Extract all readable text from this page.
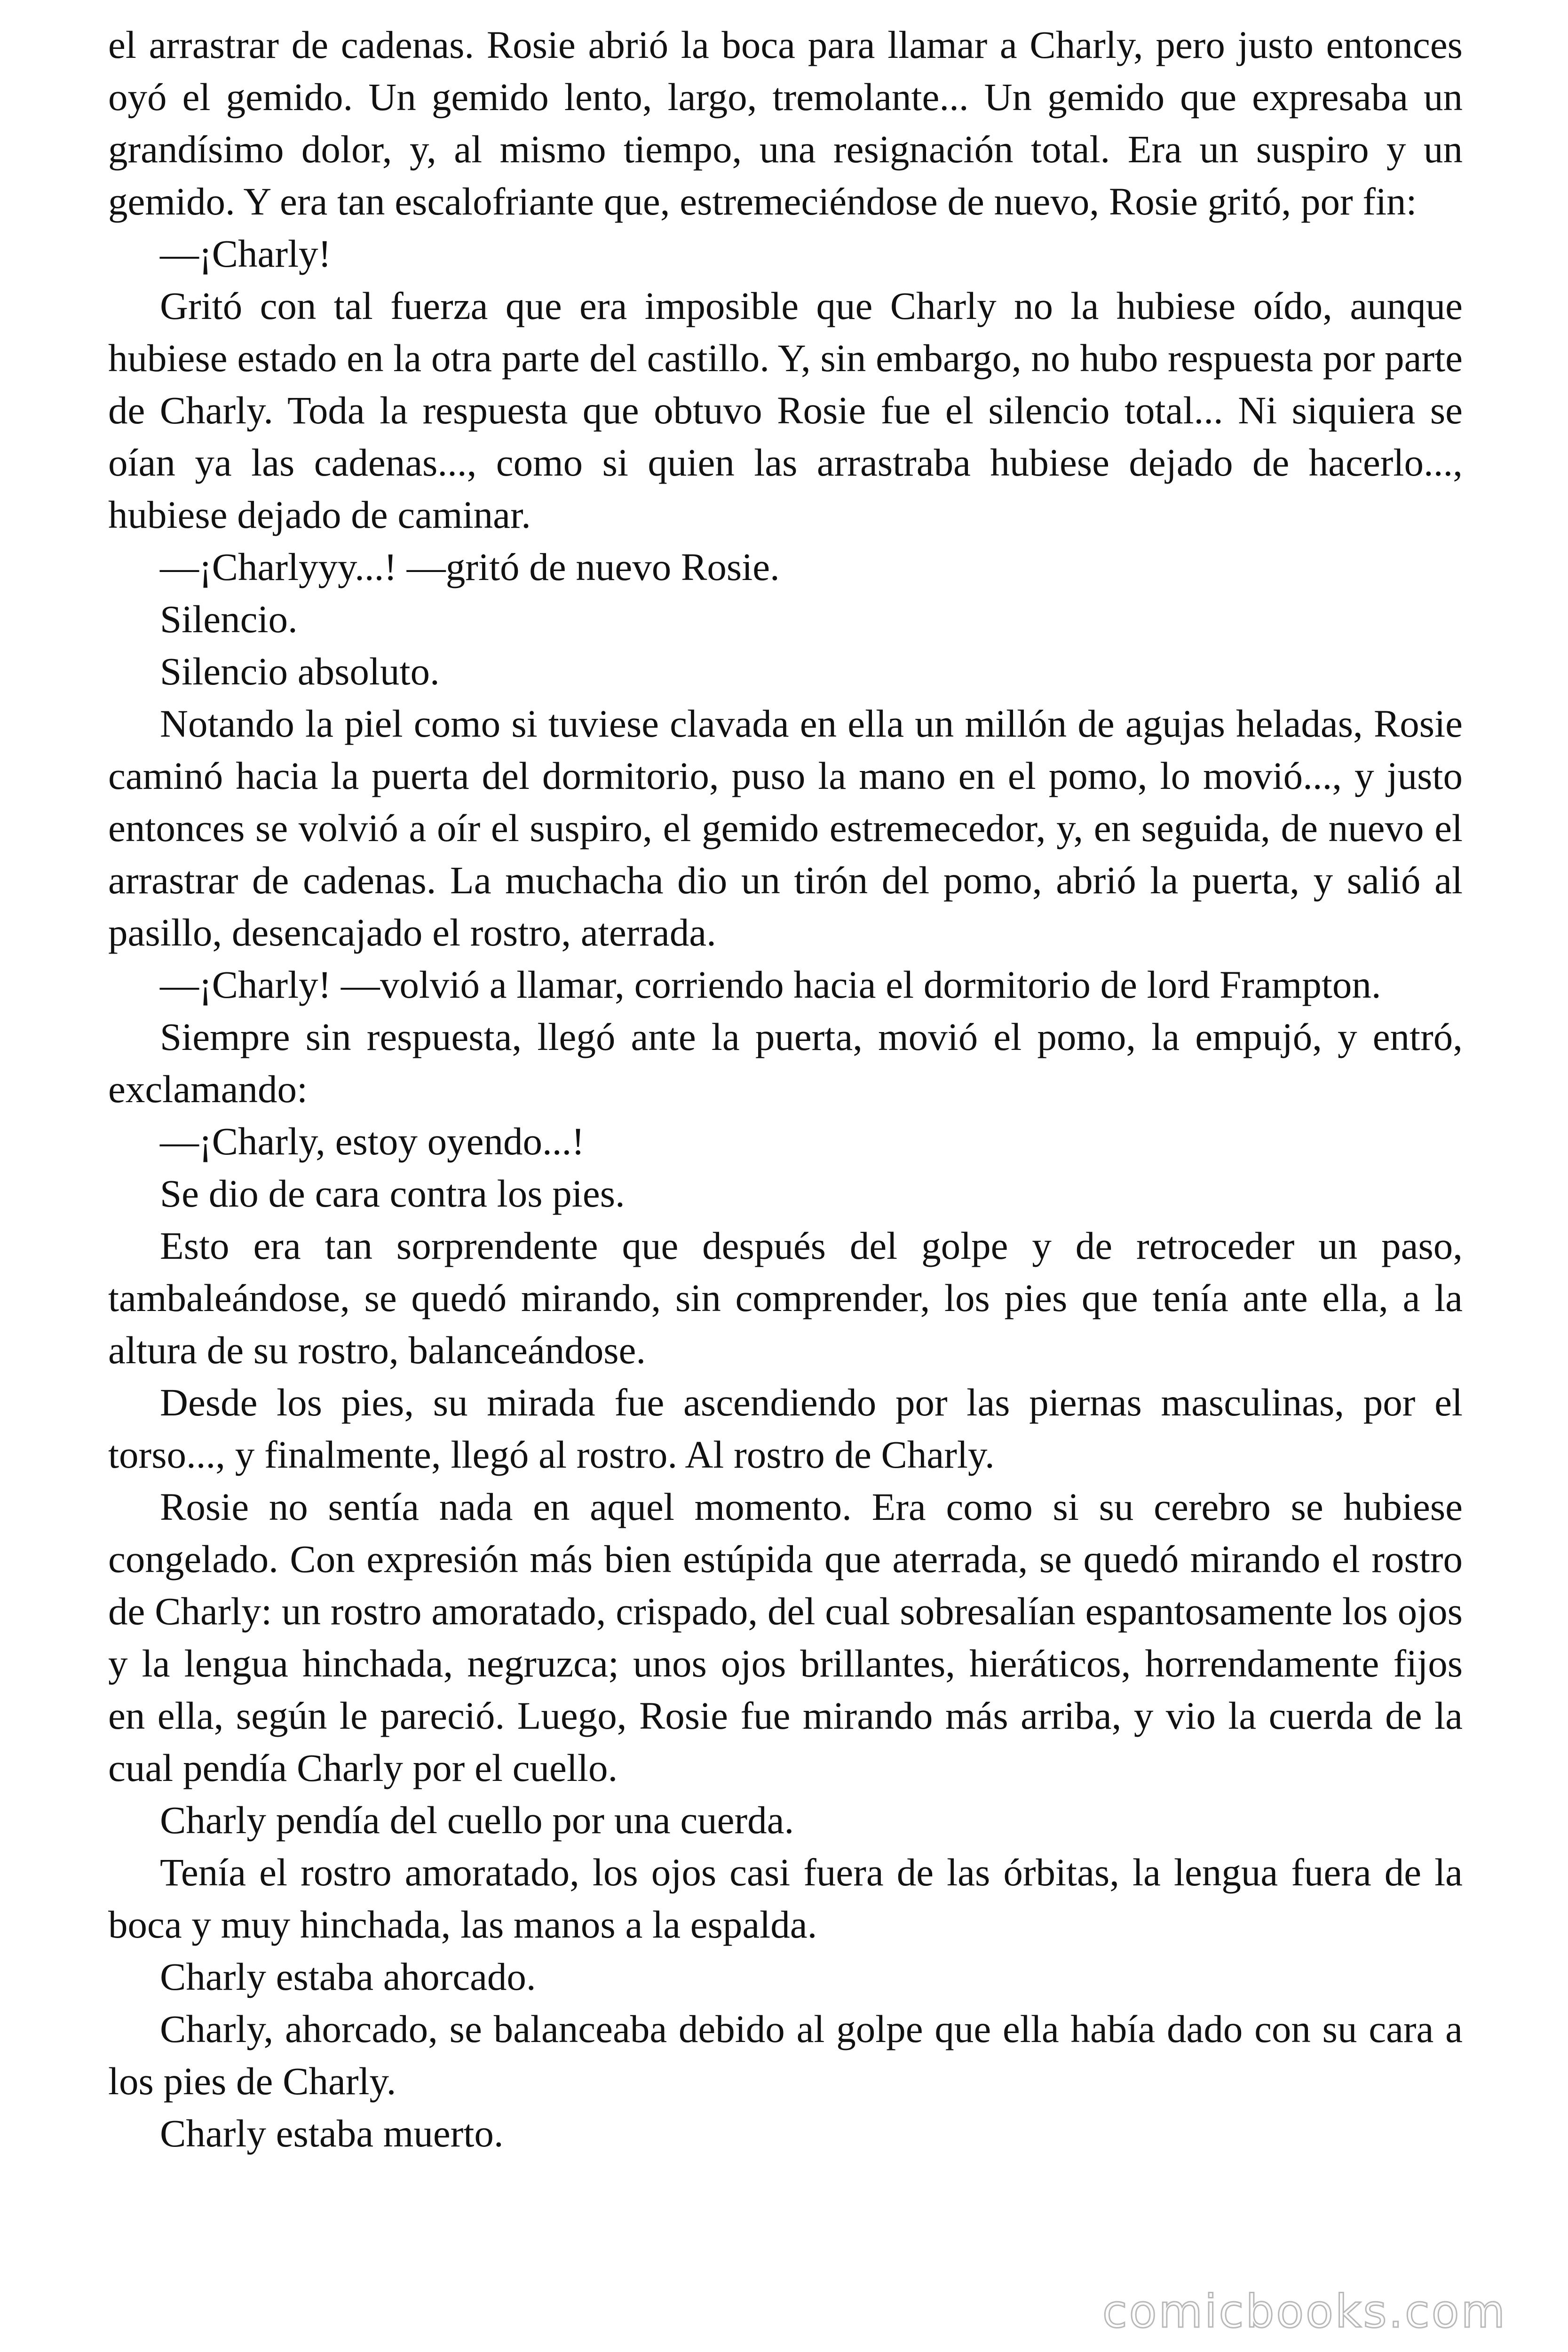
el arrastrar de cadenas. Rosie abrió la boca para llamar a Charly, pero justo entonces oyó el gemido. Un gemido lento, largo, tremolante... Un gemido que expresaba un grandísimo dolor, y, al mismo tiempo, una resignación total. Era un suspiro y un gemido. Y era tan escalofriante que, estremeciéndose de nuevo, Rosie gritó, por fin:

—¡Charly!

Gritó con tal fuerza que era imposible que Charly no la hubiese oído, aunque hubiese estado en la otra parte del castillo. Y, sin embargo, no hubo respuesta por parte de Charly. Toda la respuesta que obtuvo Rosie fue el silencio total... Ni siquiera se oían ya las cadenas..., como si quien las arrastraba hubiese dejado de hacerlo..., hubiese dejado de caminar.

—¡Charlyyy...! —gritó de nuevo Rosie.

Silencio.

Silencio absoluto.

Notando la piel como si tuviese clavada en ella un millón de agujas heladas, Rosie caminó hacia la puerta del dormitorio, puso la mano en el pomo, lo movió..., y justo entonces se volvió a oír el suspiro, el gemido estremecedor, y, en seguida, de nuevo el arrastrar de cadenas. La muchacha dio un tirón del pomo, abrió la puerta, y salió al pasillo, desencajado el rostro, aterrada.

—¡Charly! —volvió a llamar, corriendo hacia el dormitorio de lord Frampton.

Siempre sin respuesta, llegó ante la puerta, movió el pomo, la empujó, y entró, exclamando:

—¡Charly, estoy oyendo...!

Se dio de cara contra los pies.

Esto era tan sorprendente que después del golpe y de retroceder un paso, tambaleándose, se quedó mirando, sin comprender, los pies que tenía ante ella, a la altura de su rostro, balanceándose.

Desde los pies, su mirada fue ascendiendo por las piernas masculinas, por el torso..., y finalmente, llegó al rostro. Al rostro de Charly.

Rosie no sentía nada en aquel momento. Era como si su cerebro se hubiese congelado. Con expresión más bien estúpida que aterrada, se quedó mirando el rostro de Charly: un rostro amoratado, crispado, del cual sobresalían espantosamente los ojos y la lengua hinchada, negruzca; unos ojos brillantes, hieráticos, horrendamente fijos en ella, según le pareció. Luego, Rosie fue mirando más arriba, y vio la cuerda de la cual pendía Charly por el cuello.

Charly pendía del cuello por una cuerda.

Tenía el rostro amoratado, los ojos casi fuera de las órbitas, la lengua fuera de la boca y muy hinchada, las manos a la espalda.

Charly estaba ahorcado.

Charly, ahorcado, se balanceaba debido al golpe que ella había dado con su cara a los pies de Charly.

Charly estaba muerto.

comicbooks.com
